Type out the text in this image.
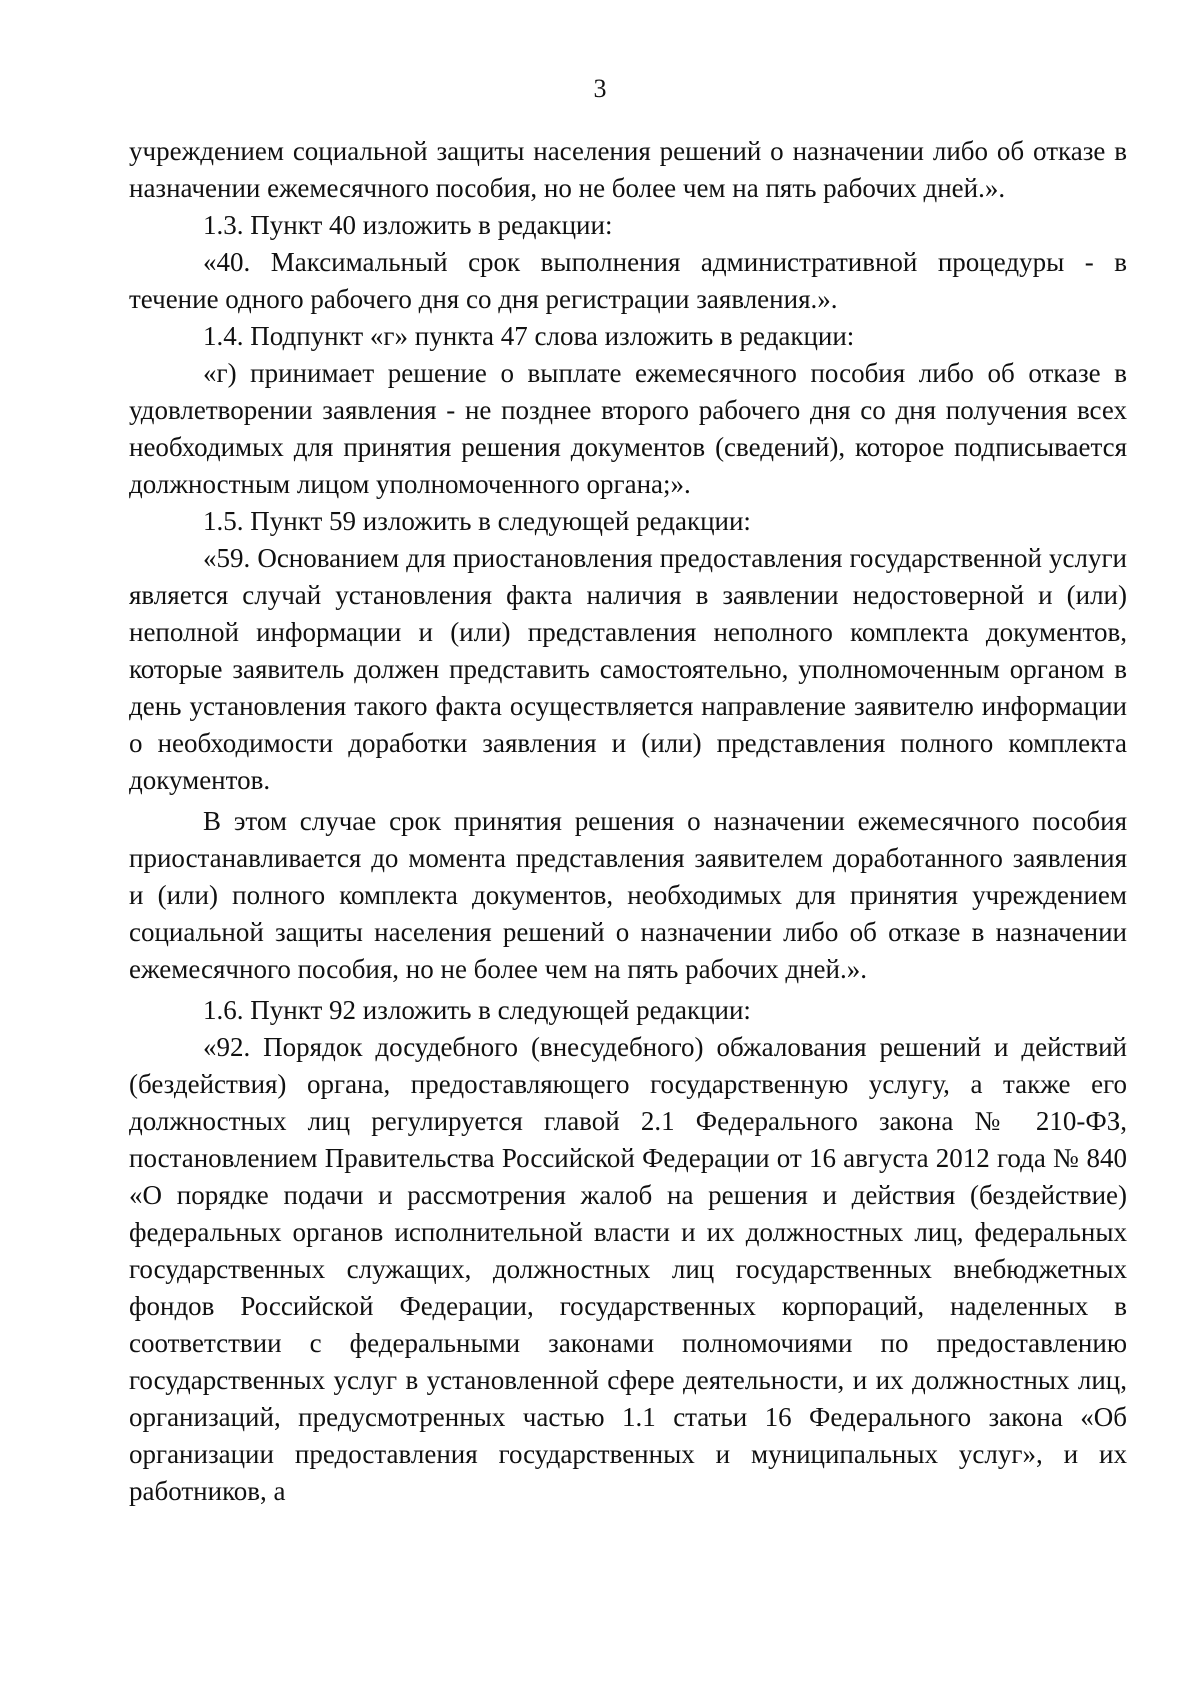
3

учреждением социальной защиты населения решений о назначении либо об отказе в назначении ежемесячного пособия, но не более чем на пять рабочих дней.».

1.3. Пункт 40 изложить в редакции:

«40. Максимальный срок выполнения административной процедуры - в течение одного рабочего дня со дня регистрации заявления.».

1.4. Подпункт «г» пункта 47 слова изложить в редакции:

«г) принимает решение о выплате ежемесячного пособия либо об отказе в удовлетворении заявления - не позднее второго рабочего дня со дня получения всех необходимых для принятия решения документов (сведений), которое подписывается должностным лицом уполномоченного органа;».

1.5. Пункт 59 изложить в следующей редакции:

«59. Основанием для приостановления предоставления государственной услуги является случай установления факта наличия в заявлении недостоверной и (или) неполной информации и (или) представления неполного комплекта документов, которые заявитель должен представить самостоятельно, уполномоченным органом в день установления такого факта осуществляется направление заявителю информации о необходимости доработки заявления и (или) представления полного комплекта документов.

В этом случае срок принятия решения о назначении ежемесячного пособия приостанавливается до момента представления заявителем доработанного заявления и (или) полного комплекта документов, необходимых для принятия учреждением социальной защиты населения решений о назначении либо об отказе в назначении ежемесячного пособия, но не более чем на пять рабочих дней.».

1.6. Пункт 92 изложить в следующей редакции:

«92. Порядок досудебного (внесудебного) обжалования решений и действий (бездействия) органа, предоставляющего государственную услугу, а также его должностных лиц регулируется главой 2.1 Федерального закона № 210-ФЗ, постановлением Правительства Российской Федерации от 16 августа 2012 года № 840 «О порядке подачи и рассмотрения жалоб на решения и действия (бездействие) федеральных органов исполнительной власти и их должностных лиц, федеральных государственных служащих, должностных лиц государственных внебюджетных фондов Российской Федерации, государственных корпораций, наделенных в соответствии с федеральными законами полномочиями по предоставлению государственных услуг в установленной сфере деятельности, и их должностных лиц, организаций, предусмотренных частью 1.1 статьи 16 Федерального закона «Об организации предоставления государственных и муниципальных услуг», и их работников, а
